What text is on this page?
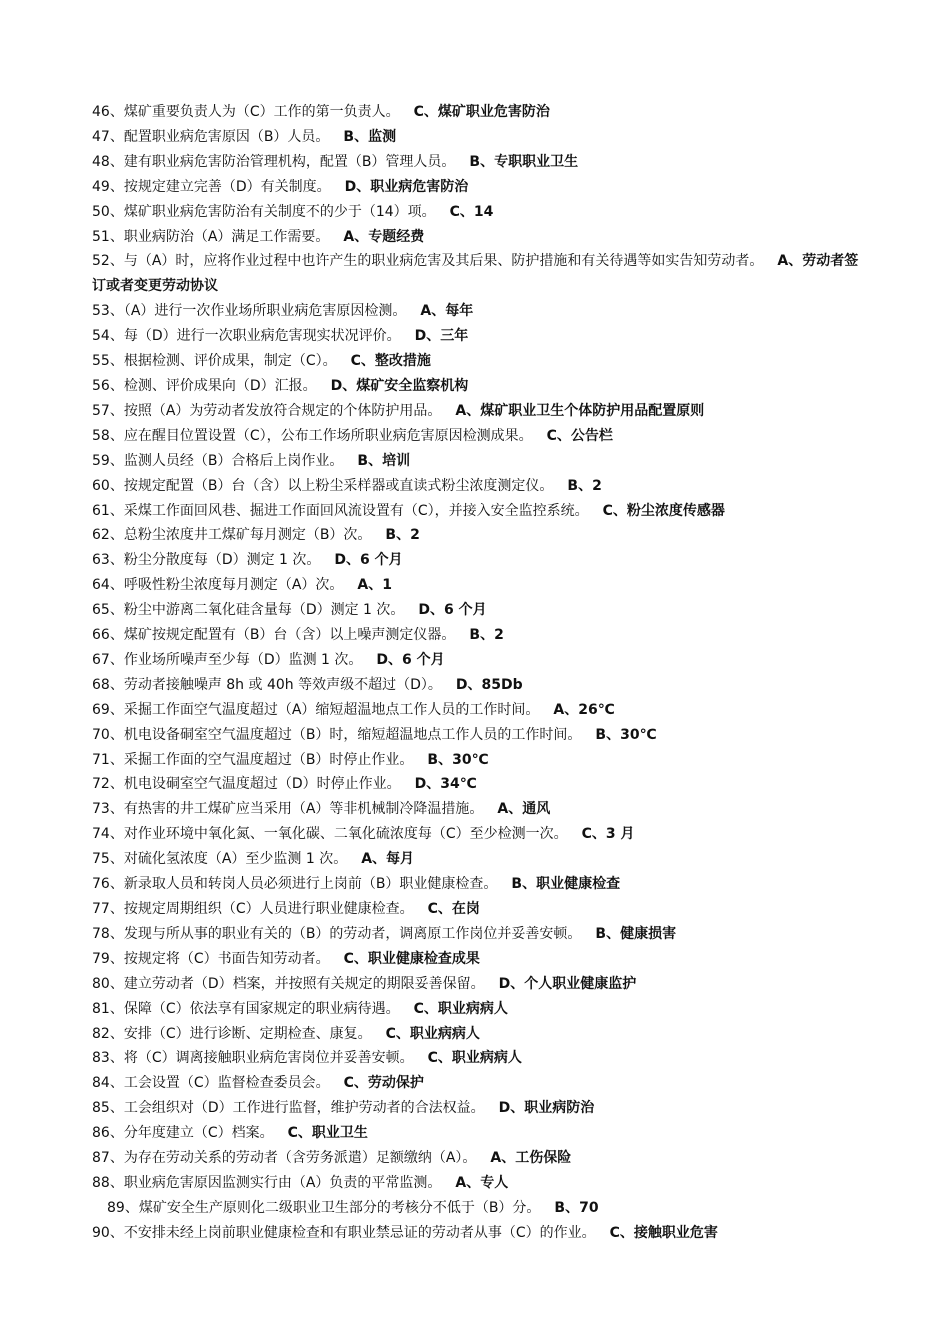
46、煤矿重要负责人为（C）工作的第一负责人。 C、煤矿职业危害防治
47、配置职业病危害原因（B）人员。 B、监测
48、建有职业病危害防治管理机构，配置（B）管理人员。 B、专职职业卫生
49、按规定建立完善（D）有关制度。 D、职业病危害防治
50、煤矿职业病危害防治有关制度不的少于（14）项。 C、14
51、职业病防治（A）满足工作需要。 A、专题经费
52、与（A）时，应将作业过程中也许产生的职业病危害及其后果、防护措施和有关待遇等如实告知劳动者。 A、劳动者签订或者变更劳动协议
53、（A）进行一次作业场所职业病危害原因检测。 A、每年
54、每（D）进行一次职业病危害现实状况评价。 D、三年
55、根据检测、评价成果，制定（C）。 C、整改措施
56、检测、评价成果向（D）汇报。 D、煤矿安全监察机构
57、按照（A）为劳动者发放符合规定的个体防护用品。 A、煤矿职业卫生个体防护用品配置原则
58、应在醒目位置设置（C），公布工作场所职业病危害原因检测成果。 C、公告栏
59、监测人员经（B）合格后上岗作业。 B、培训
60、按规定配置（B）台（含）以上粉尘采样器或直读式粉尘浓度测定仪。 B、2
61、采煤工作面回风巷、掘进工作面回风流设置有（C），并接入安全监控系统。 C、粉尘浓度传感器
62、总粉尘浓度井工煤矿每月测定（B）次。 B、2
63、粉尘分散度每（D）测定 1 次。 D、6 个月
64、呼吸性粉尘浓度每月测定（A）次。 A、1
65、粉尘中游离二氧化硅含量每（D）测定 1 次。 D、6 个月
66、煤矿按规定配置有（B）台（含）以上噪声测定仪器。 B、2
67、作业场所噪声至少每（D）监测 1 次。 D、6 个月
68、劳动者接触噪声 8h 或 40h 等效声级不超过（D）。 D、85Db
69、采掘工作面空气温度超过（A）缩短超温地点工作人员的工作时间。 A、26℃
70、机电设备硐室空气温度超过（B）时，缩短超温地点工作人员的工作时间。 B、30℃
71、采掘工作面的空气温度超过（B）时停止作业。 B、30℃
72、机电设硐室空气温度超过（D）时停止作业。 D、34℃
73、有热害的井工煤矿应当采用（A）等非机械制冷降温措施。 A、通风
74、对作业环境中氧化氮、一氧化碳、二氧化硫浓度每（C）至少检测一次。 C、3 月
75、对硫化氢浓度（A）至少监测 1 次。 A、每月
76、新录取人员和转岗人员必须进行上岗前（B）职业健康检查。 B、职业健康检查
77、按规定周期组织（C）人员进行职业健康检查。 C、在岗
78、发现与所从事的职业有关的（B）的劳动者，调离原工作岗位并妥善安顿。 B、健康损害
79、按规定将（C）书面告知劳动者。 C、职业健康检查成果
80、建立劳动者（D）档案，并按照有关规定的期限妥善保留。 D、个人职业健康监护
81、保障（C）依法享有国家规定的职业病待遇。 C、职业病病人
82、安排（C）进行诊断、定期检查、康复。 C、职业病病人
83、将（C）调离接触职业病危害岗位并妥善安顿。 C、职业病病人
84、工会设置（C）监督检查委员会。 C、劳动保护
85、工会组织对（D）工作进行监督，维护劳动者的合法权益。 D、职业病防治
86、分年度建立（C）档案。 C、职业卫生
87、为存在劳动关系的劳动者（含劳务派遣）足额缴纳（A）。 A、工伤保险
88、职业病危害原因监测实行由（A）负责的平常监测。 A、专人
89、煤矿安全生产原则化二级职业卫生部分的考核分不低于（B）分。 B、70
90、不安排未经上岗前职业健康检查和有职业禁忌证的劳动者从事（C）的作业。 C、接触职业危害
